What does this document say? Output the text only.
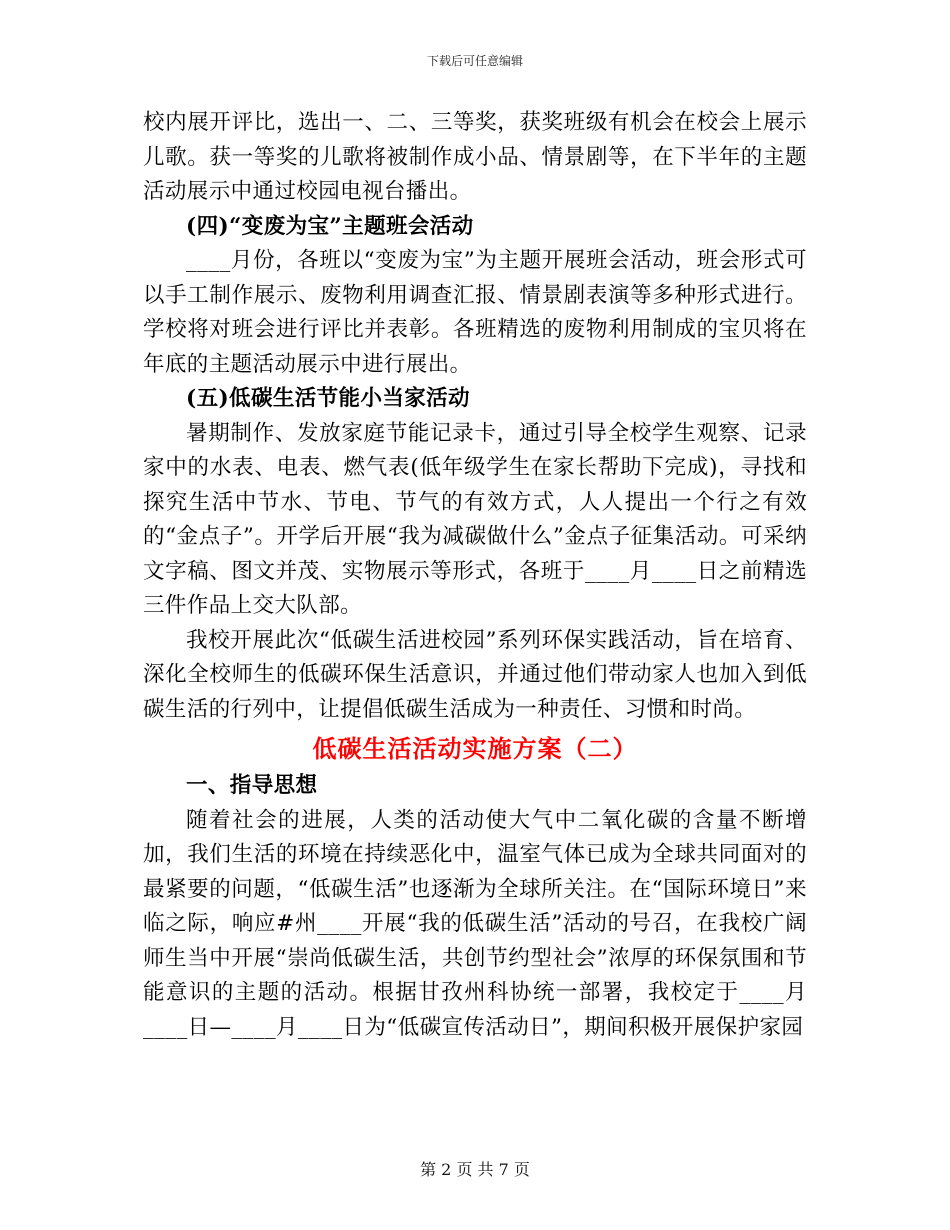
下载后可任意编辑

校内展开评比，选出一、二、三等奖，获奖班级有机会在校会上展示儿歌。获一等奖的儿歌将被制作成小品、情景剧等，在下半年的主题活动展示中通过校园电视台播出。

(四)“变废为宝”主题班会活动

____月份，各班以“变废为宝”为主题开展班会活动，班会形式可以手工制作展示、废物利用调查汇报、情景剧表演等多种形式进行。学校将对班会进行评比并表彰。各班精选的废物利用制成的宝贝将在年底的主题活动展示中进行展出。

(五)低碳生活节能小当家活动

暑期制作、发放家庭节能记录卡，通过引导全校学生观察、记录家中的水表、电表、燃气表(低年级学生在家长帮助下完成)，寻找和探究生活中节水、节电、节气的有效方式，人人提出一个行之有效的“金点子”。开学后开展“我为减碳做什么”金点子征集活动。可采纳文字稿、图文并茂、实物展示等形式，各班于____月____日之前精选三件作品上交大队部。

我校开展此次“低碳生活进校园”系列环保实践活动，旨在培育、深化全校师生的低碳环保生活意识，并通过他们带动家人也加入到低碳生活的行列中，让提倡低碳生活成为一种责任、习惯和时尚。

低碳生活活动实施方案（二）

一、指导思想

随着社会的进展，人类的活动使大气中二氧化碳的含量不断增加，我们生活的环境在持续恶化中，温室气体已成为全球共同面对的最紧要的问题，“低碳生活”也逐渐为全球所关注。在“国际环境日”来临之际，响应#州____开展“我的低碳生活”活动的号召，在我校广阔师生当中开展“崇尚低碳生活，共创节约型社会”浓厚的环保氛围和节能意识的主题的活动。根据甘孜州科协统一部署，我校定于____月____日—____月____日为“低碳宣传活动日”，期间积极开展保护家园

第 2 页 共 7 页
